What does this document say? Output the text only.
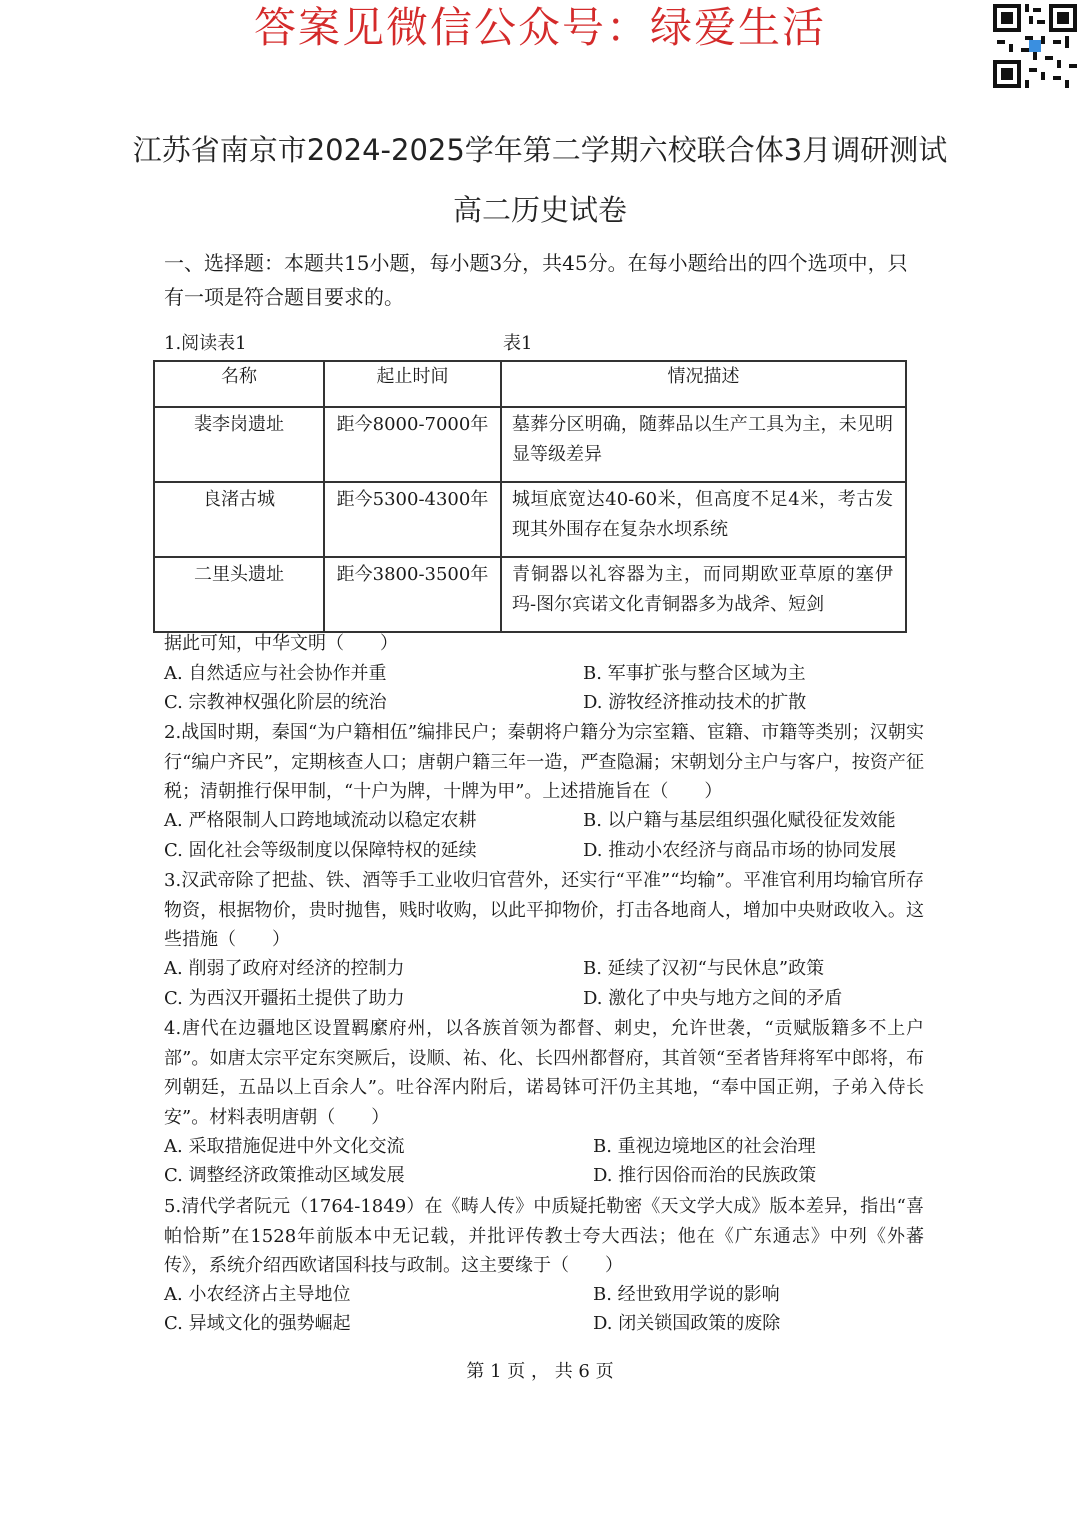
答案见微信公众号：绿爱生活
江苏省南京市2024-2025学年第二学期六校联合体3月调研测试
高二历史试卷
一、选择题：本题共15小题，每小题3分，共45分。在每小题给出的四个选项中，只有一项是符合题目要求的。
1.阅读表1	表1
名称	起止时间	情况描述
裴李岗遗址	距今8000-7000年	墓葬分区明确，随葬品以生产工具为主，未见明显等级差异
良渚古城	距今5300-4300年	城垣底宽达40-60米，但高度不足4米，考古发现其外围存在复杂水坝系统
二里头遗址	距今3800-3500年	青铜器以礼容器为主，而同期欧亚草原的塞伊玛-图尔宾诺文化青铜器多为战斧、短剑
据此可知，中华文明（　　）
A. 自然适应与社会协作并重	B. 军事扩张与整合区域为主
C. 宗教神权强化阶层的统治	D. 游牧经济推动技术的扩散
2.战国时期，秦国“为户籍相伍”编排民户；秦朝将户籍分为宗室籍、宦籍、市籍等类别；汉朝实行“编户齐民”，定期核查人口；唐朝户籍三年一造，严查隐漏；宋朝划分主户与客户，按资产征税；清朝推行保甲制，“十户为牌，十牌为甲”。上述措施旨在（　　）
A. 严格限制人口跨地域流动以稳定农耕	B. 以户籍与基层组织强化赋役征发效能
C. 固化社会等级制度以保障特权的延续	D. 推动小农经济与商品市场的协同发展
3.汉武帝除了把盐、铁、酒等手工业收归官营外，还实行“平准”“均输”。平准官利用均输官所存物资，根据物价，贵时抛售，贱时收购，以此平抑物价，打击各地商人，增加中央财政收入。这些措施（　　）
A. 削弱了政府对经济的控制力	B. 延续了汉初“与民休息”政策
C. 为西汉开疆拓土提供了助力	D. 激化了中央与地方之间的矛盾
4.唐代在边疆地区设置羁縻府州，以各族首领为都督、刺史，允许世袭，“贡赋版籍多不上户部”。如唐太宗平定东突厥后，设顺、祐、化、长四州都督府，其首领“至者皆拜将军中郎将，布列朝廷，五品以上百余人”。吐谷浑内附后，诺曷钵可汗仍主其地，“奉中国正朔，子弟入侍长安”。材料表明唐朝（　　）
A. 采取措施促进中外文化交流	B. 重视边境地区的社会治理
C. 调整经济政策推动区域发展	D. 推行因俗而治的民族政策
5.清代学者阮元（1764-1849）在《畴人传》中质疑托勒密《天文学大成》版本差异，指出“喜帕恰斯”在1528年前版本中无记载，并批评传教士夸大西法；他在《广东通志》中列《外蕃传》，系统介绍西欧诸国科技与政制。这主要缘于（　　）
A. 小农经济占主导地位	B. 经世致用学说的影响
C. 异域文化的强势崛起	D. 闭关锁国政策的废除
第 1 页 ， 共 6 页
